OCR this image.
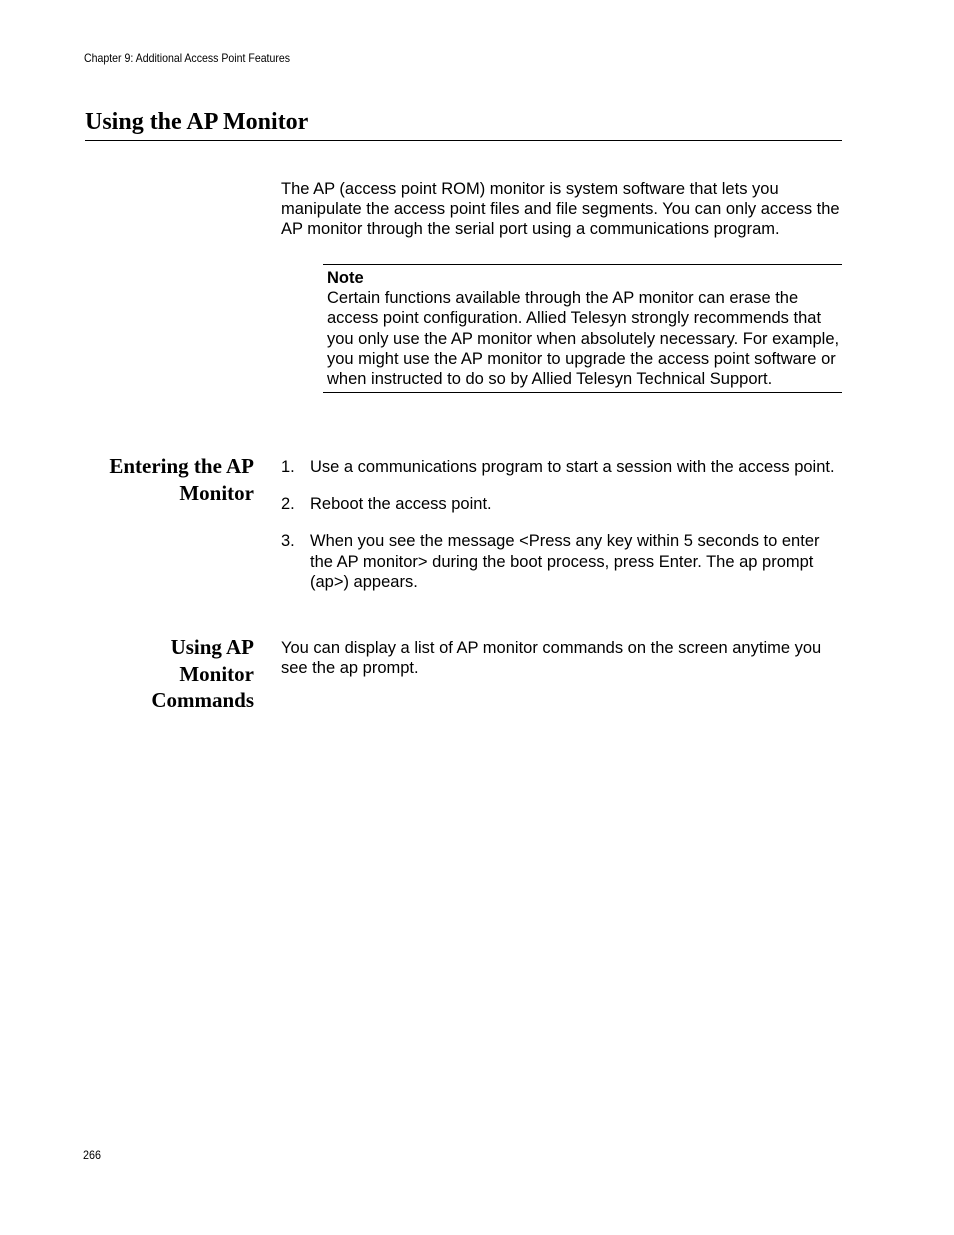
Chapter 9: Additional Access Point Features
Using the AP Monitor

The AP (access point ROM) monitor is system software that lets you manipulate the access point files and file segments. You can only access the AP monitor through the serial port using a communications program.

Note

Certain functions available through the AP monitor can erase the access point configuration. Allied Telesyn strongly recommends that you only use the AP monitor when absolutely necessary. For example, you might use the AP monitor to upgrade the access point software or when instructed to do so by Allied Telesyn Technical Support.

Entering the AP
Monitor
1. Use a communications program to start a session with the access point.
2. Reboot the access point.
3. When you see the message <Press any key within 5 seconds to enter the AP monitor> during the boot process, press Enter. The ap prompt (ap>) appears.
Using AP
Monitor
Commands

You can display a list of AP monitor commands on the screen anytime you see the ap prompt.

266
